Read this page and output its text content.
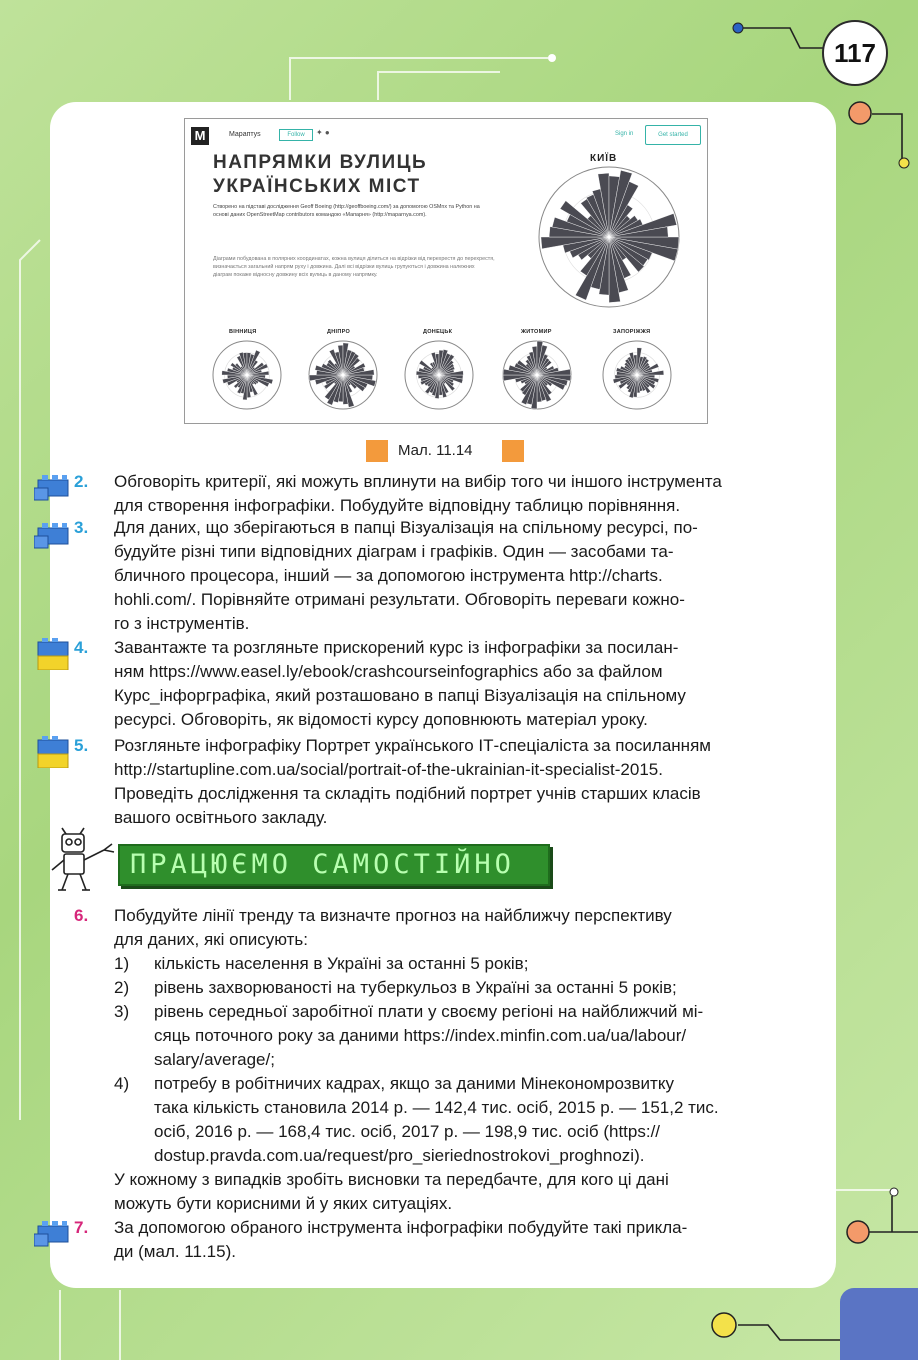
117
M	Мараптуs	Follow	✦ ●	Sign in	Get started
НАПРЯМКИ ВУЛИЦЬ
УКРАЇНСЬКИХ МІСТ
Створено на підставі дослідження Geoff Boeing (http://geoffboeing.com/) за допомогою OSMnx та Python на основі даних OpenStreetMap contributors командою «Мапарня» (http://maparnya.com).
Діаграми побудована в полярних координатах, кожна вулиця ділиться на відрізки від перехрестя до перехрестя, визначається загальний напрям руху і довжина. Далі всі відрізки вулиць групуються і довжина належних діаграм покаже відносну довжину всіх вулиць в даному напрямку.
КИЇВ
ВІННИЦЯ	ДНІПРО	ДОНЕЦЬК	ЖИТОМИР	ЗАПОРІЖЖЯ
Мал. 11.14
2. Обговоріть критерії, які можуть вплинути на вибір того чи іншого інструмента
для створення інфографіки. Побудуйте відповідну таблицю порівняння.
3. Для даних, що зберігаються в папці Візуалізація на спільному ресурсі, по-
будуйте різні типи відповідних діаграм і графіків. Один — засобами та-
бличного процесора, інший — за допомогою інструмента http://charts.
hohli.com/. Порівняйте отримані результати. Обговоріть переваги кожно-
го з інструментів.
4. Завантажте та розгляньте прискорений курс із інфографіки за посилан-
ням https://www.easel.ly/ebook/crashcourseinfographics або за файлом
Курс_інфорграфіка, який розташовано в папці Візуалізація на спільному
ресурсі. Обговоріть, як відомості курсу доповнюють матеріал уроку.
5. Розгляньте інфографіку Портрет українського ІТ-спеціаліста за посиланням
http://startupline.com.ua/social/portrait-of-the-ukrainian-it-specialist-2015.
Проведіть дослідження та складіть подібний портрет учнів старших класів
вашого освітнього закладу.
ПРАЦЮЄМО САМОСТІЙНО
6. Побудуйте лінії тренду та визначте прогноз на найближчу перспективу
для даних, які описують:
1) кількість населення в Україні за останні 5 років;
2) рівень захворюваності на туберкульоз в Україні за останні 5 років;
3) рівень середньої заробітної плати у своєму регіоні на найближчий мі-
сяць поточного року за даними https://index.minfin.com.ua/ua/labour/
salary/average/;
4) потребу в робітничих кадрах, якщо за даними Мінекономрозвитку
така кількість становила 2014 р. — 142,4 тис. осіб, 2015 р. — 151,2 тис.
осіб, 2016 р. — 168,4 тис. осіб, 2017 р. — 198,9 тис. осіб (https://
dostup.pravda.com.ua/request/pro_sieriednostrokovi_proghnozi).
У кожному з випадків зробіть висновки та передбачте, для кого ці дані
можуть бути корисними й у яких ситуаціях.
7. За допомогою обраного інструмента інфографіки побудуйте такі прикла-
ди (мал. 11.15).
